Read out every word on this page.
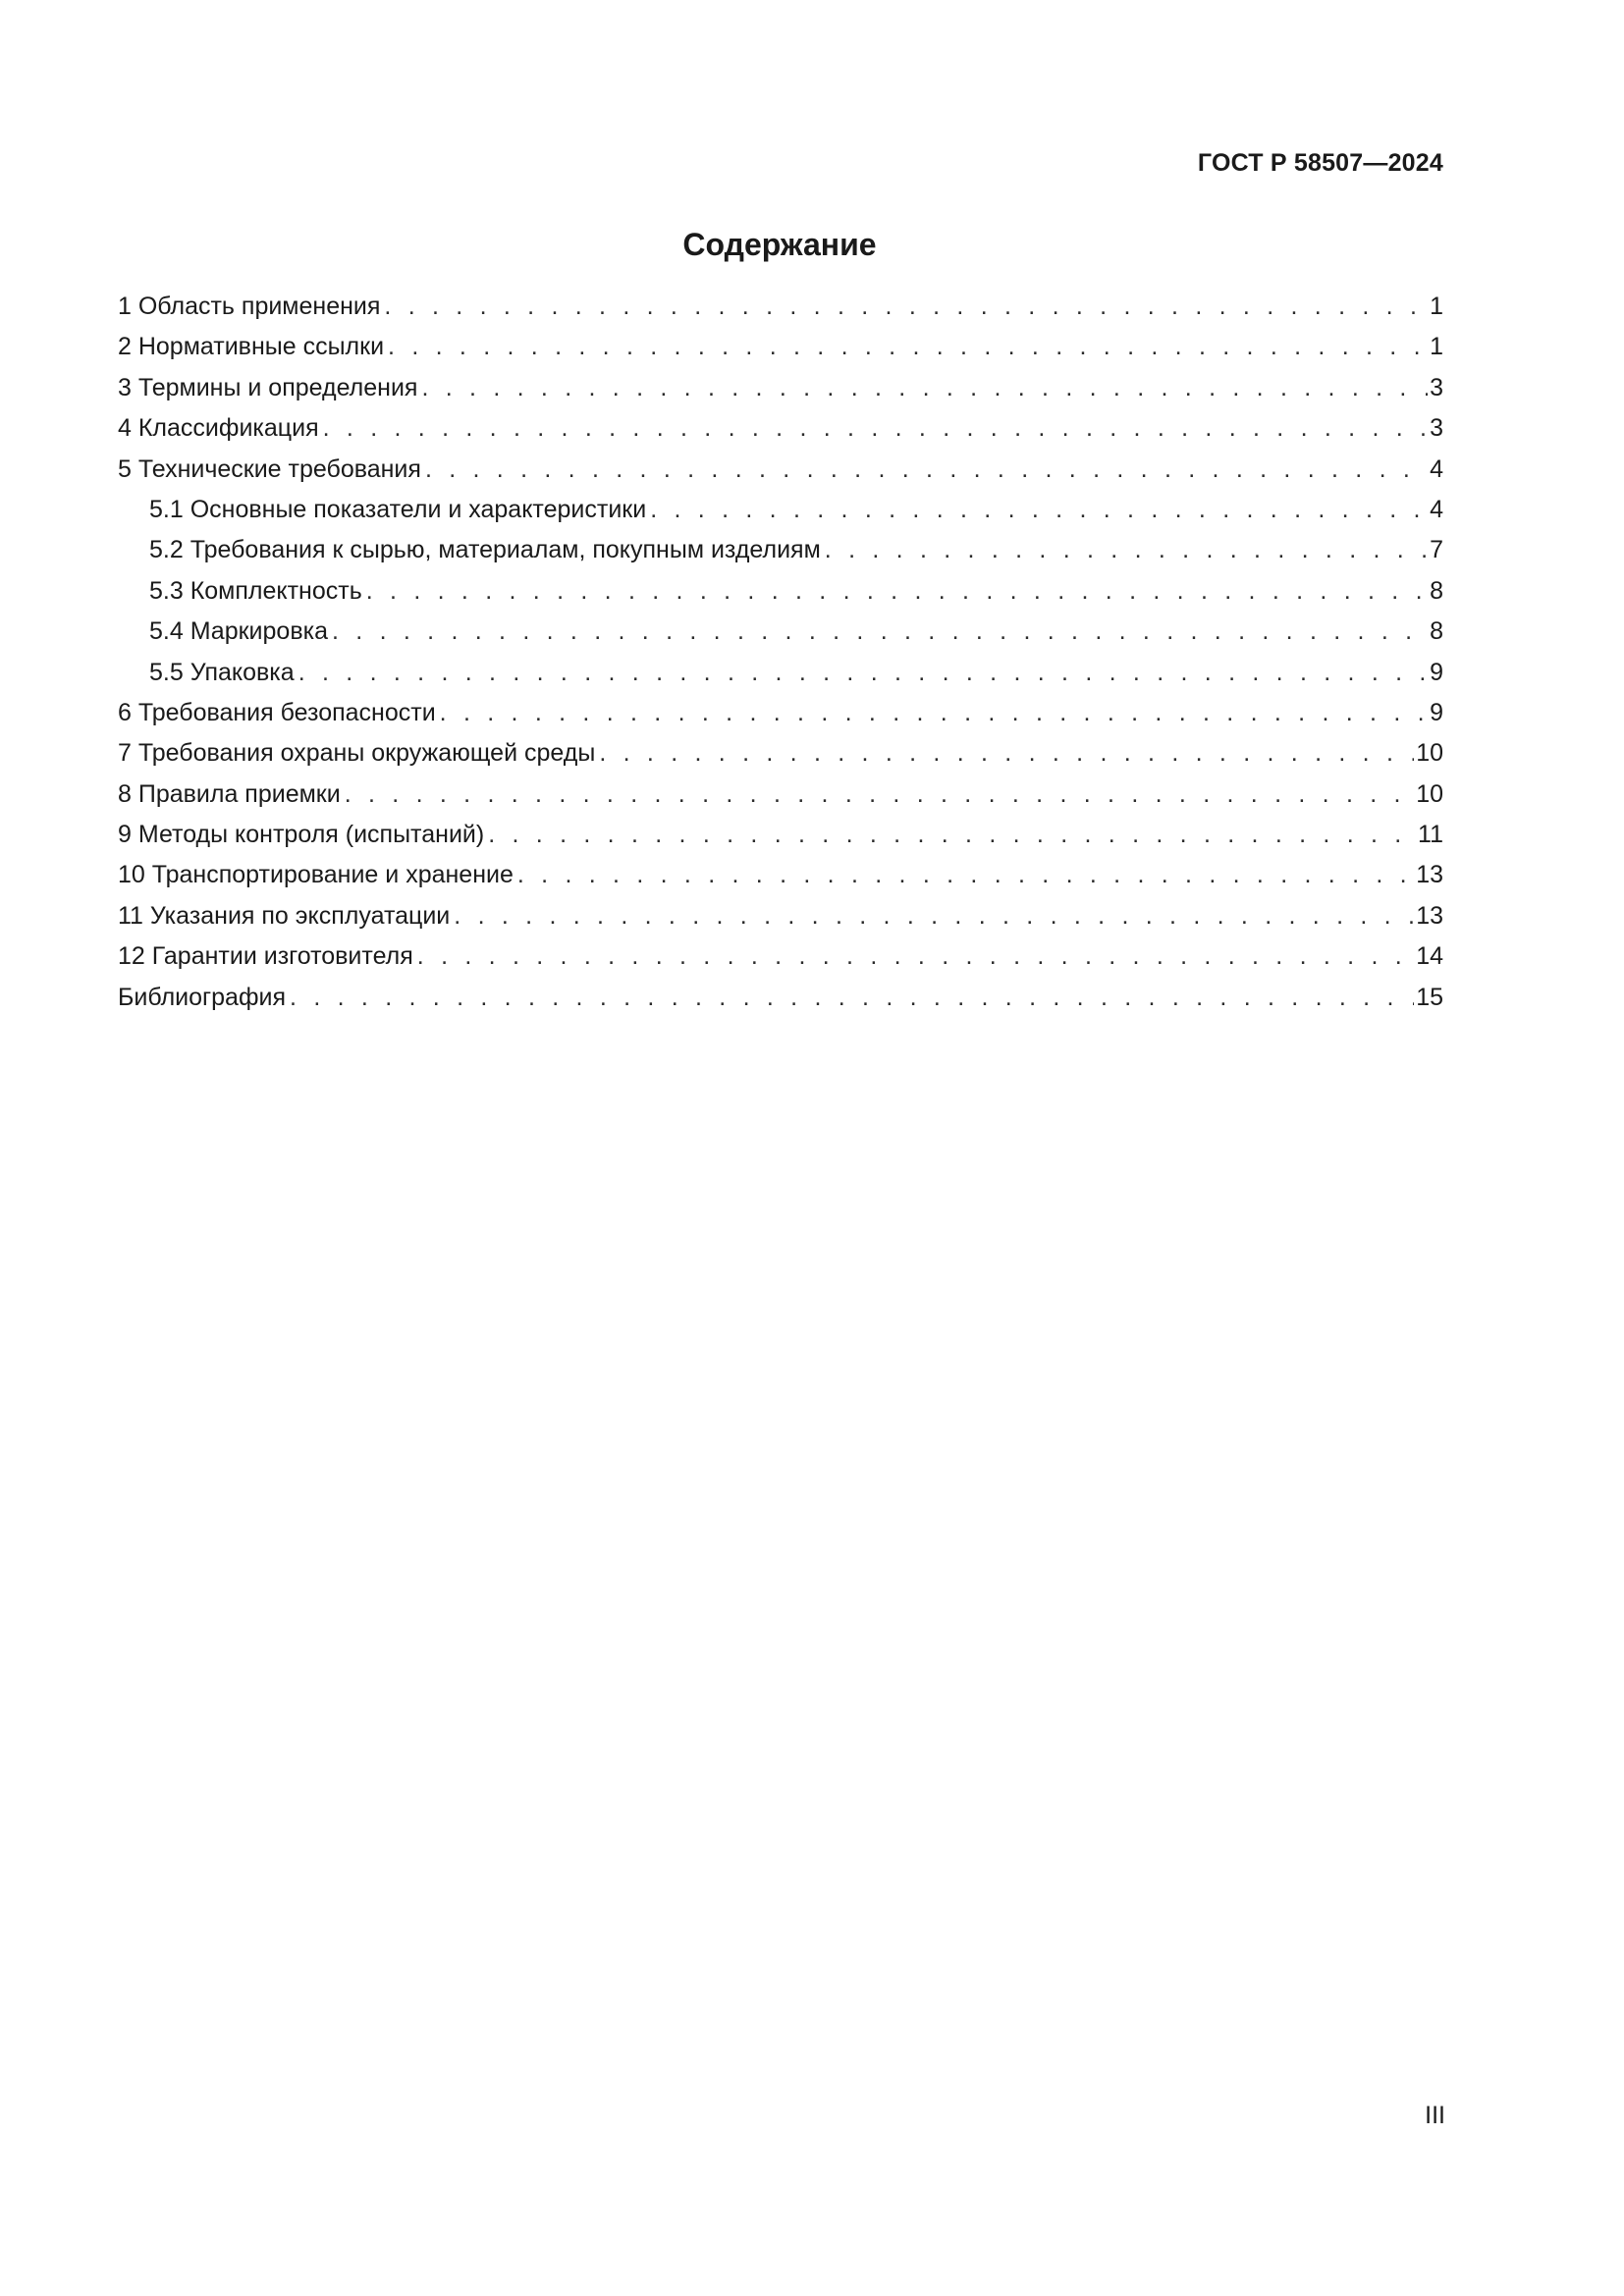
ГОСТ Р 58507—2024
Содержание
1 Область применения . . .	1
2 Нормативные ссылки . . .	1
3 Термины и определения . . .	3
4 Классификация . . .	3
5 Технические требования . . .	4
5.1 Основные показатели и характеристики . . .	4
5.2 Требования к сырью, материалам, покупным изделиям . . .	7
5.3 Комплектность . . .	8
5.4 Маркировка . . .	8
5.5 Упаковка . . .	9
6 Требования безопасности . . .	9
7 Требования охраны окружающей среды . . .	10
8 Правила приемки . . .	10
9 Методы контроля (испытаний) . . .	11
10 Транспортирование и хранение . . .	13
11 Указания по эксплуатации . . .	13
12 Гарантии изготовителя . . .	14
Библиография . . .	15
III
